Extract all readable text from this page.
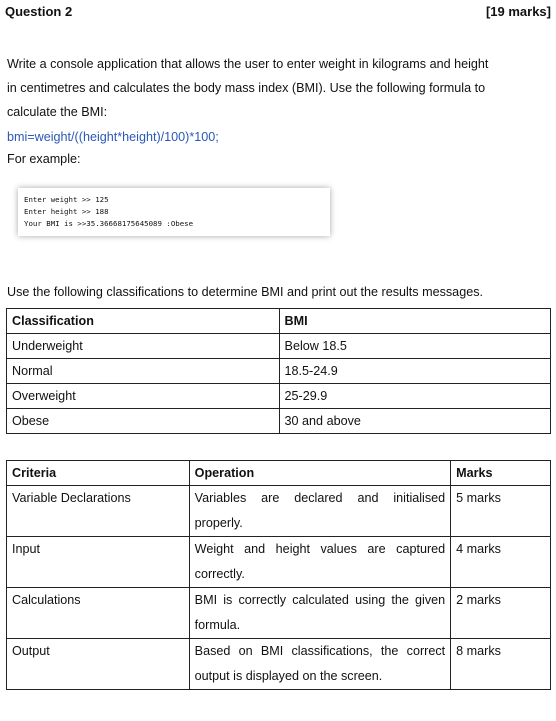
Question 2	[19 marks]
Write a console application that allows the user to enter weight in kilograms and height
in centimetres and calculates the body mass index (BMI). Use the following formula to
calculate the BMI:
bmi=weight/((height*height)/100)*100;
For example:
Enter weight >> 125
Enter height >> 188
Your BMI is >>35.36668175645089 :Obese
Use the following classifications to determine BMI and print out the results messages.
Classification	BMI
Underweight	Below 18.5
Normal	18.5-24.9
Overweight	25-29.9
Obese	30 and above
Criteria	Operation	Marks
Variable Declarations	Variables are declared and initialised properly.	5 marks
Input	Weight and height values are captured correctly.	4 marks
Calculations	BMI is correctly calculated using the given formula.	2 marks
Output	Based on BMI classifications, the correct output is displayed on the screen.	8 marks
